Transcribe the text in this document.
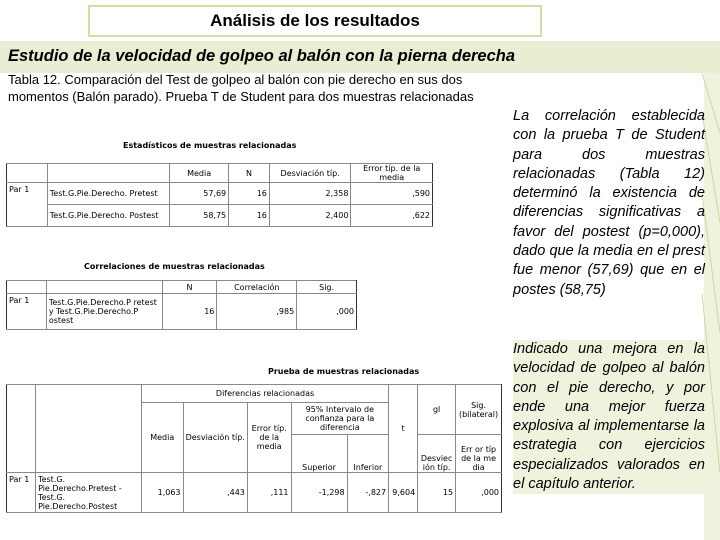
Análisis de los resultados
Estudio de la velocidad de golpeo al balón con la pierna derecha
Tabla 12. Comparación del Test de golpeo al balón con pie derecho en sus dos momentos (Balón parado). Prueba T de Student para dos muestras relacionadas
Estadísticos de muestras relacionadas
		Media	N	Desviación típ.	Error típ. de la media
Par 1	Test.G.Pie.Derecho. Pretest	57,69	16	2,358	,590
	Test.G.Pie.Derecho. Postest	58,75	16	2,400	,622
Correlaciones de muestras relacionadas
		N	Correlación	Sig.
Par 1	Test.G.Pie.Derecho.P retest y Test.G.Pie.Derecho.P ostest	16	,985	,000
Prueba de muestras relacionadas
		Diferencias relacionadas					t	gl	Sig. (bilateral)
		Media	Desviación típ.	Error típ. de la media	95% Intervalo de confianza para la diferencia				
					Superior	Inferior		Desviec ión típ.	Err or típ de la me dia
Par 1	Test.G. Pie.Derecho.Pretest - Test.G. Pie.Derecho.Postest	1,063	,443	,111	-1,298	-,827	9,604	15	,000
La correlación establecida con la prueba T de Student para dos muestras relacionadas (Tabla 12) determinó la existencia de diferencias significativas a favor del postest (p=0,000), dado que la media en el prest fue menor (57,69) que en el postes (58,75)
Indicado una mejora en la velocidad de golpeo al balón con el pie derecho, y por ende una mejor fuerza explosiva al implementarse la estrategia con ejercicios especializados valorados en el capítulo anterior.
